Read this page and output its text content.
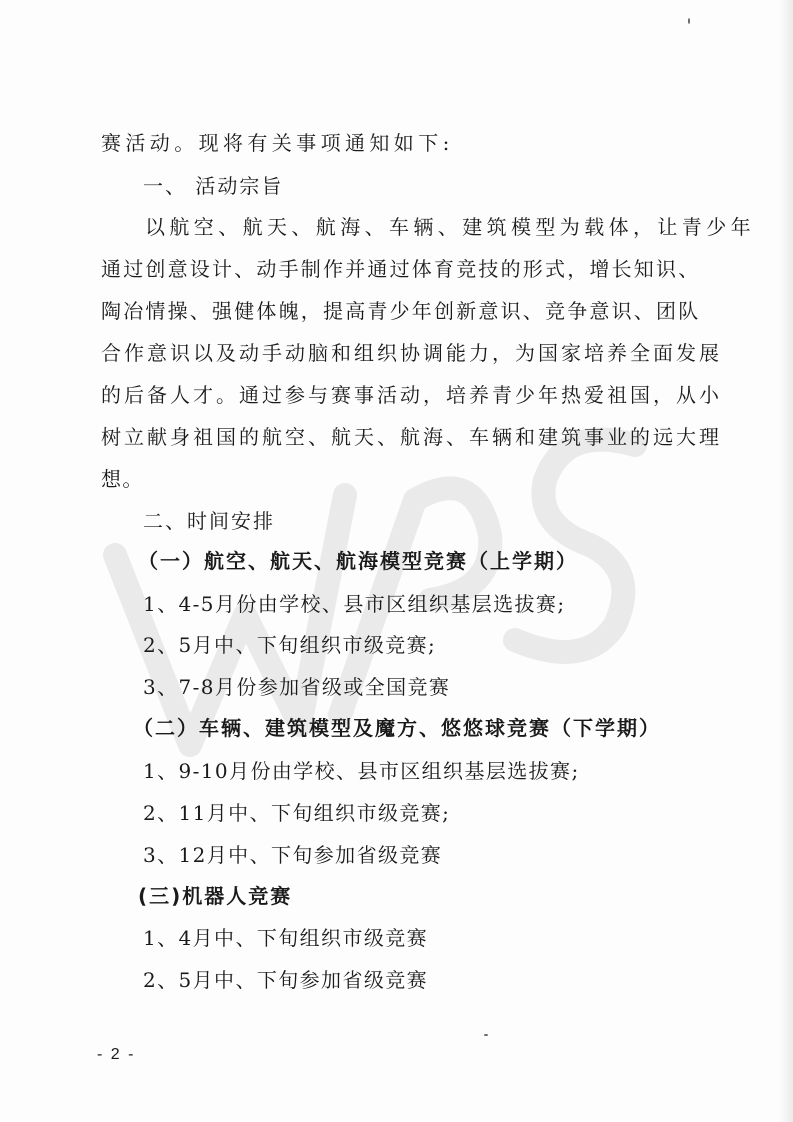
赛活动。现将有关事项通知如下:
一、 活动宗旨
以航空、航天、航海、车辆、建筑模型为载体，让青少年
通过创意设计、动手制作并通过体育竞技的形式，增长知识、
陶冶情操、强健体魄，提高青少年创新意识、竞争意识、团队
合作意识以及动手动脑和组织协调能力，为国家培养全面发展
的后备人才。通过参与赛事活动，培养青少年热爱祖国，从小
树立献身祖国的航空、航天、航海、车辆和建筑事业的远大理
想。
二、时间安排
（一）航空、航天、航海模型竞赛（上学期）
1、4-5月份由学校、县市区组织基层选拔赛;
2、5月中、下旬组织市级竞赛;
3、7-8月份参加省级或全国竞赛
（二）车辆、建筑模型及魔方、悠悠球竞赛（下学期）
1、9-10月份由学校、县市区组织基层选拔赛;
2、11月中、下旬组织市级竞赛;
3、12月中、下旬参加省级竞赛
(三)机器人竞赛
1、4月中、下旬组织市级竞赛
2、5月中、下旬参加省级竞赛
- 2 -
